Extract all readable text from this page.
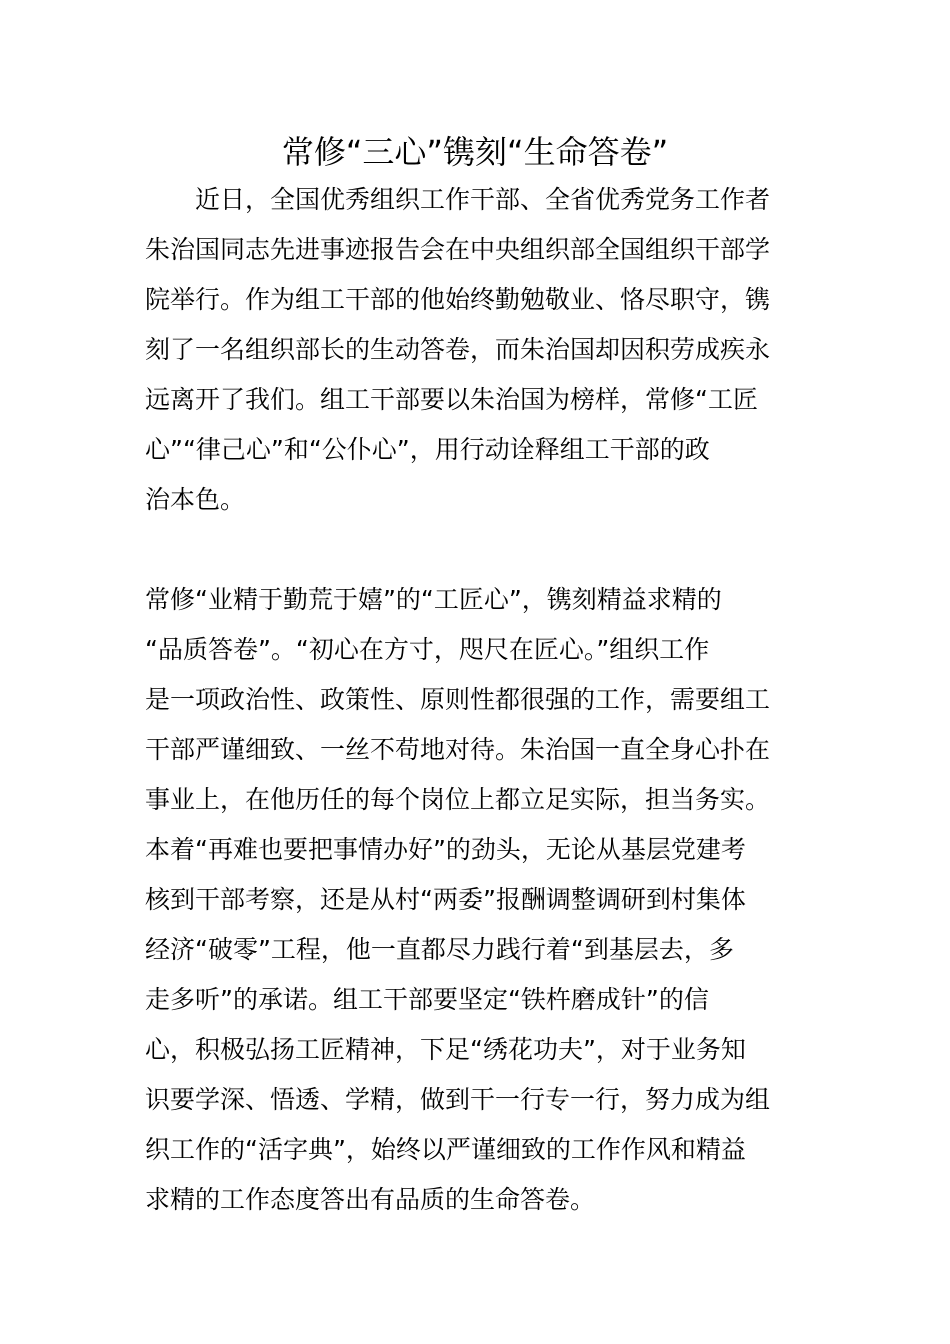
常修“三心”镌刻“生命答卷”
　　近日，全国优秀组织工作干部、全省优秀党务工作者
朱治国同志先进事迹报告会在中央组织部全国组织干部学
院举行。作为组工干部的他始终勤勉敬业、恪尽职守，镌
刻了一名组织部长的生动答卷，而朱治国却因积劳成疾永
远离开了我们。组工干部要以朱治国为榜样，常修“工匠
心”“律己心”和“公仆心”，用行动诠释组工干部的政
治本色。
常修“业精于勤荒于嬉”的“工匠心”，镌刻精益求精的
“品质答卷”。“初心在方寸，咫尺在匠心。”组织工作
是一项政治性、政策性、原则性都很强的工作，需要组工
干部严谨细致、一丝不苟地对待。朱治国一直全身心扑在
事业上，在他历任的每个岗位上都立足实际，担当务实。
本着“再难也要把事情办好”的劲头，无论从基层党建考
核到干部考察，还是从村“两委”报酬调整调研到村集体
经济“破零”工程，他一直都尽力践行着“到基层去，多
走多听”的承诺。组工干部要坚定“铁杵磨成针”的信
心，积极弘扬工匠精神，下足“绣花功夫”，对于业务知
识要学深、悟透、学精，做到干一行专一行，努力成为组
织工作的“活字典”，始终以严谨细致的工作作风和精益
求精的工作态度答出有品质的生命答卷。
